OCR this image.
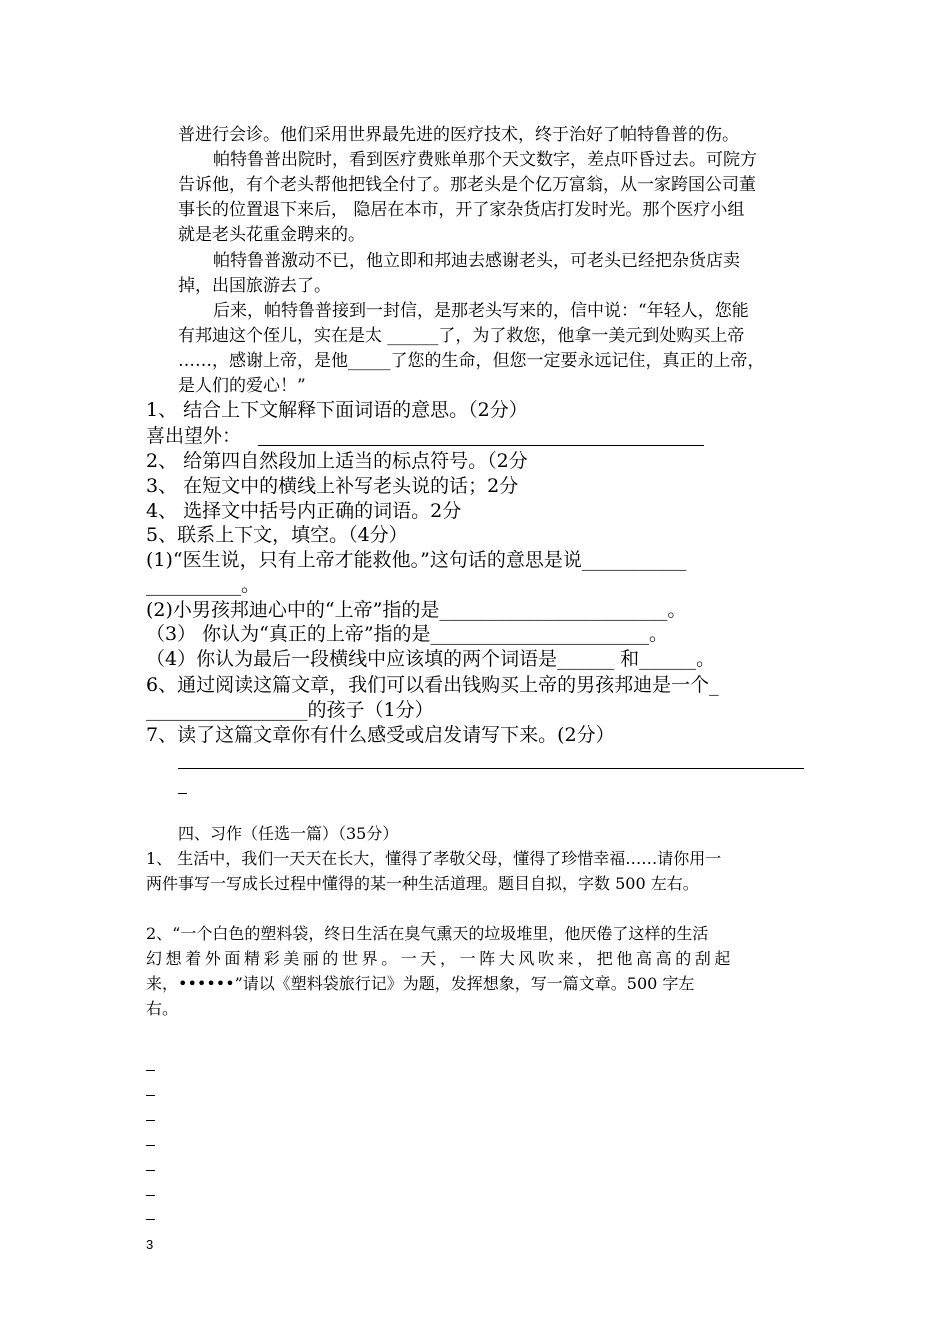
普进行会诊。他们采用世界最先进的医疗技术，终于治好了帕特鲁普的伤。
帕特鲁普出院时，看到医疗费账单那个天文数字，差点吓昏过去。可院方
告诉他，有个老头帮他把钱全付了。那老头是个亿万富翁，从一家跨国公司董
事长的位置退下来后， 隐居在本市，开了家杂货店打发时光。那个医疗小组
就是老头花重金聘来的。
帕特鲁普激动不已，他立即和邦迪去感谢老头，可老头已经把杂货店卖
掉，出国旅游去了。
后来，帕特鲁普接到一封信，是那老头写来的，信中说：“年轻人，您能
有邦迪这个侄儿，实在是太 ______了，为了救您，他拿一美元到处购买上帝
……，感谢上帝，是他_____了您的生命，但您一定要永远记住，真正的上帝，
是人们的爱心！”
1、 结合上下文解释下面词语的意思。（2分）
喜出望外：
2、 给第四自然段加上适当的标点符号。（2分
3、 在短文中的横线上补写老头说的话；2分
4、 选择文中括号内正确的词语。2分
5、联系上下文，填空。（4分）
(1)“医生说，只有上帝才能救他。”这句话的意思是说___________
__________。
(2)小男孩邦迪心中的“上帝”指的是________________________。
（3） 你认为“真正的上帝”指的是_______________________。
（4）你认为最后一段横线中应该填的两个词语是______ 和______。
6、通过阅读这篇文章，我们可以看出钱购买上帝的男孩邦迪是一个_
_________________的孩子（1分）
7、读了这篇文章你有什么感受或启发请写下来。(2分）
四、习作（任选一篇）（35分）
1、 生活中，我们一天天在长大，懂得了孝敬父母，懂得了珍惜幸福……请你用一
两件事写一写成长过程中懂得的某一种生活道理。题目自拟，字数 500 左右。
2、“一个白色的塑料袋，终日生活在臭气熏天的垃圾堆里，他厌倦了这样的生活
幻想着外面精彩美丽的世界。一天，一阵大风吹来，把他高高的刮起
来，••••••”请以《塑料袋旅行记》为题，发挥想象，写一篇文章。500 字左
右。
3
